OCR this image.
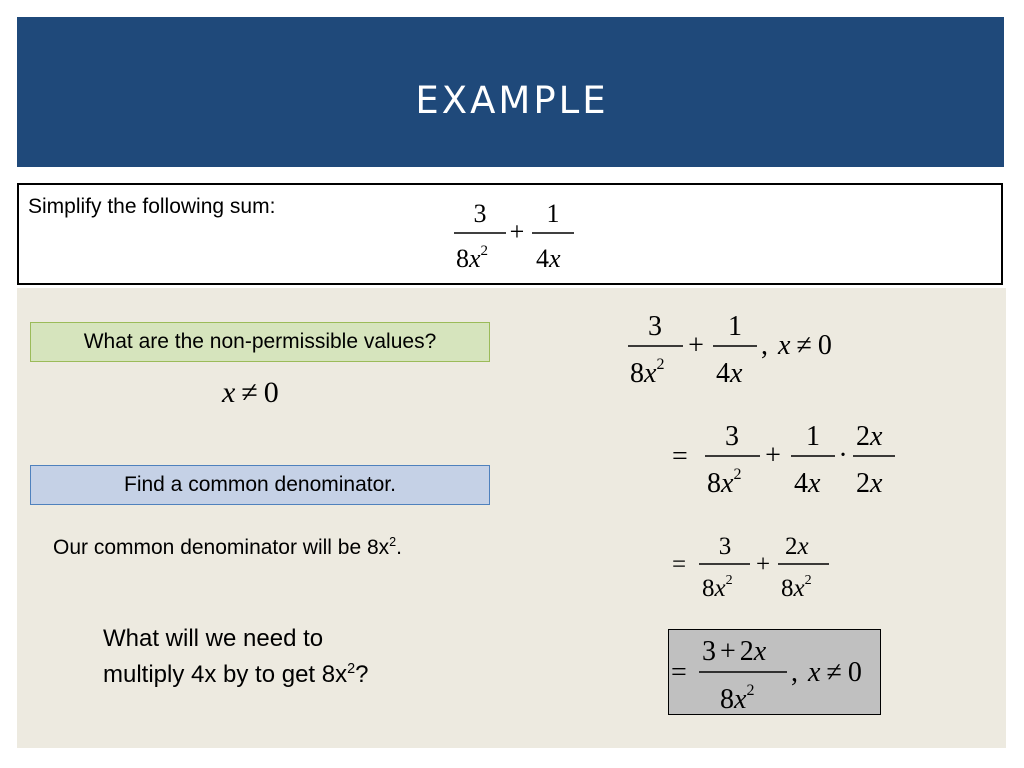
EXAMPLE
Simplify the following sum:	3
$8x^2$
+
1
4x
What are the non-permissible values?
x ≠ 0
Find a common denominator.
Our common denominator will be $8x^2$.
What will we need to
multiply 4x by to get $8x^2$?
3
$8x^2$
+
1
4x
, x ≠ 0
=
3
$8x^2$
+
1
4x
·
2x
2x
=
3
$8x^2$
+
2x
$8x^2$
=
3 + 2x
$8x^2$
, x ≠ 0
